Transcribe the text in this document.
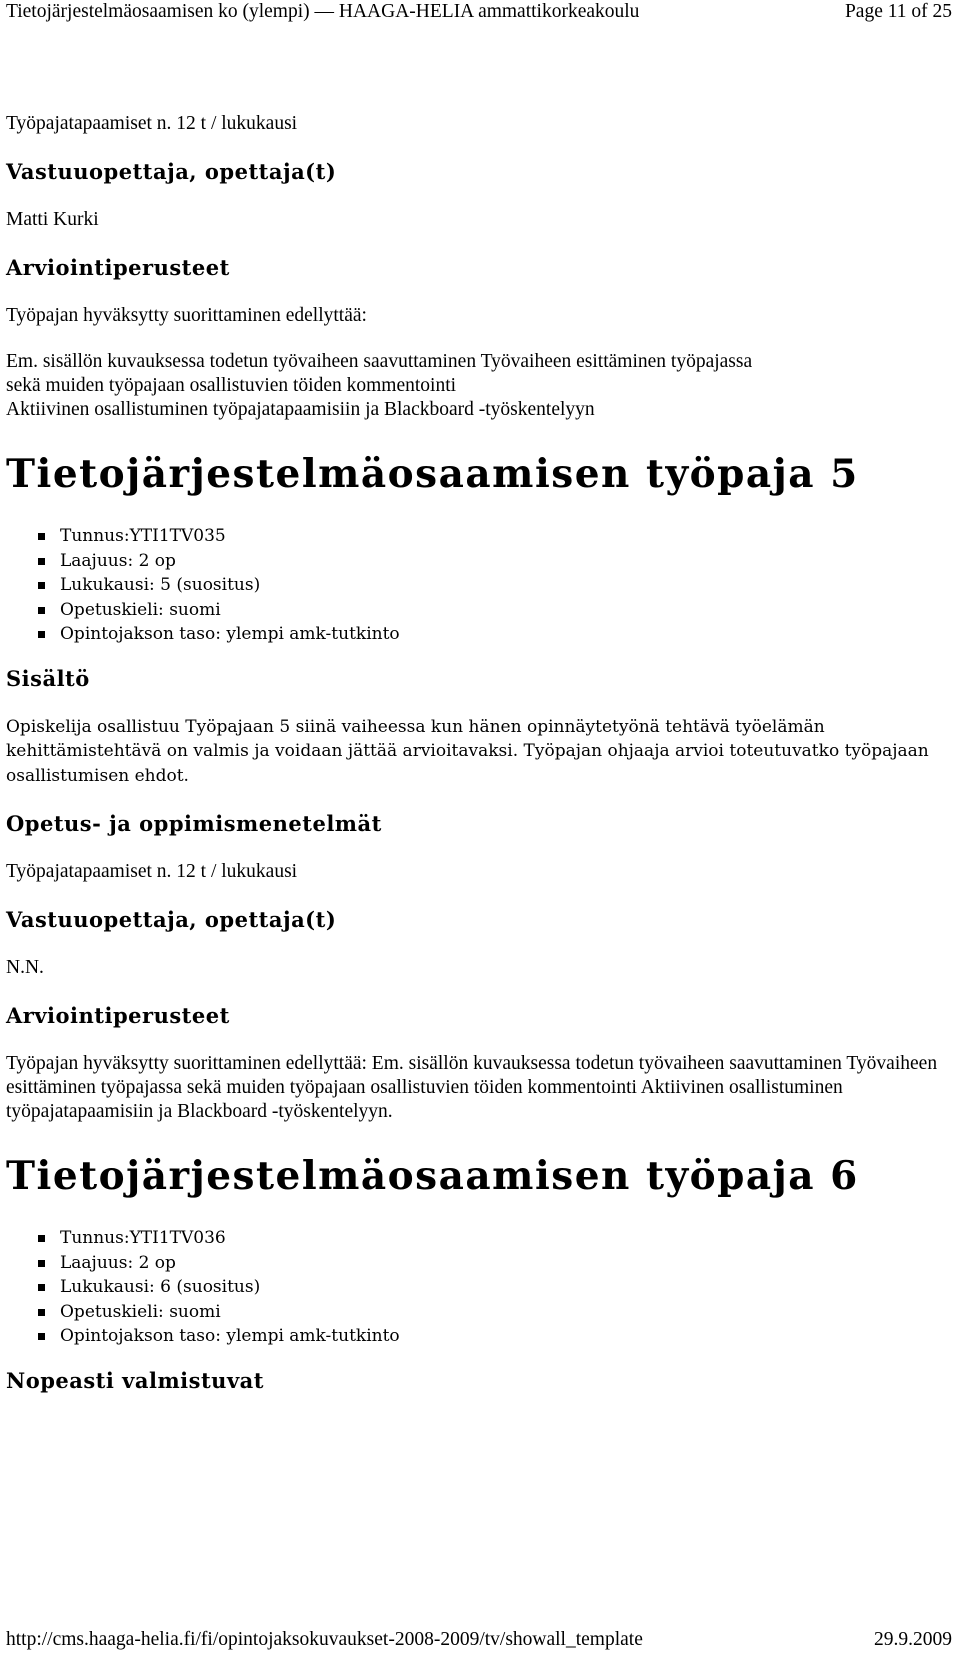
Tietojärjestelmäosaamisen ko (ylempi) — HAAGA-HELIA ammattikorkeakoulu	Page 11 of 25

Työpajatapaamiset n. 12 t / lukukausi

Vastuuopettaja, opettaja(t)

Matti Kurki

Arviointiperusteet

Työpajan hyväksytty suorittaminen edellyttää:

Em. sisällön kuvauksessa todetun työvaiheen saavuttaminen Työvaiheen esittäminen työpajassa

sekä muiden työpajaan osallistuvien töiden kommentointi

Aktiivinen osallistuminen työpajatapaamisiin ja Blackboard -työskentelyyn

Tietojärjestelmäosaamisen työpaja 5
Tunnus:YTI1TV035
Laajuus: 2 op
Lukukausi: 5 (suositus)
Opetuskieli: suomi
Opintojakson taso: ylempi amk-tutkinto
Sisältö

Opiskelija osallistuu Työpajaan 5 siinä vaiheessa kun hänen opinnäytetyönä tehtävä työelämän kehittämistehtävä on valmis ja voidaan jättää arvioitavaksi. Työpajan ohjaaja arvioi toteutuvatko työpajaan osallistumisen ehdot.

Opetus- ja oppimismenetelmät

Työpajatapaamiset n. 12 t / lukukausi

Vastuuopettaja, opettaja(t)

N.N.

Arviointiperusteet

Työpajan hyväksytty suorittaminen edellyttää: Em. sisällön kuvauksessa todetun työvaiheen saavuttaminen Työvaiheen esittäminen työpajassa sekä muiden työpajaan osallistuvien töiden kommentointi Aktiivinen osallistuminen työpajatapaamisiin ja Blackboard -työskentelyyn.

Tietojärjestelmäosaamisen työpaja 6
Tunnus:YTI1TV036
Laajuus: 2 op
Lukukausi: 6 (suositus)
Opetuskieli: suomi
Opintojakson taso: ylempi amk-tutkinto
Nopeasti valmistuvat
http://cms.haaga-helia.fi/fi/opintojaksokuvaukset-2008-2009/tv/showall_template	29.9.2009
